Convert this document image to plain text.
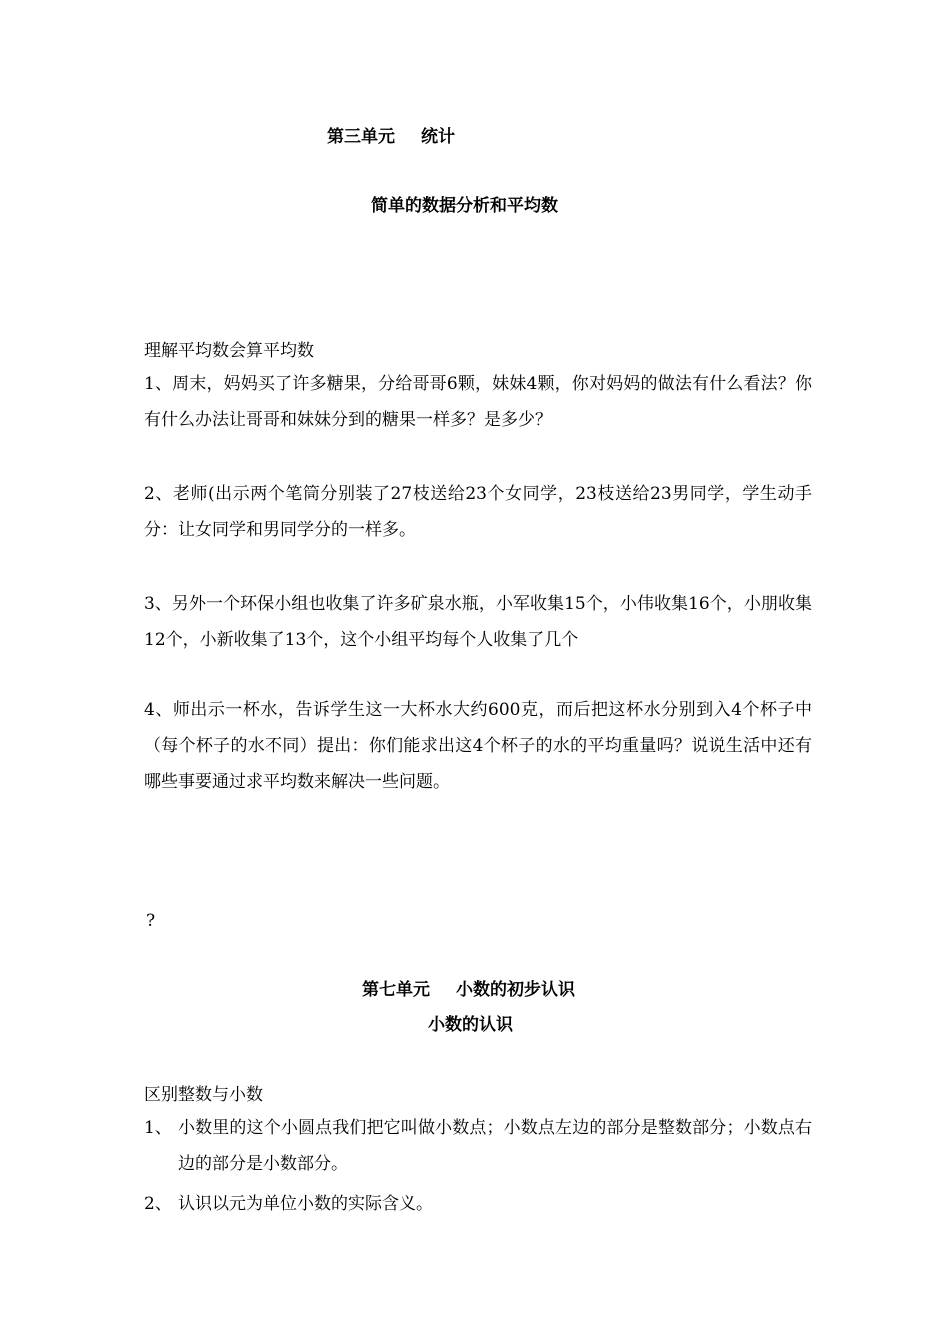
第三单元 统计
简单的数据分析和平均数
理解平均数会算平均数
1、周末，妈妈买了许多糖果，分给哥哥6颗，妹妹4颗，你对妈妈的做法有什么看法？你有什么办法让哥哥和妹妹分到的糖果一样多？是多少？
2、老师(出示两个笔筒分别装了27枝送给23个女同学，23枝送给23男同学，学生动手分：让女同学和男同学分的一样多。
3、另外一个环保小组也收集了许多矿泉水瓶，小军收集15个，小伟收集16个，小朋收集12个，小新收集了13个，这个小组平均每个人收集了几个
4、师出示一杯水，告诉学生这一大杯水大约600克，而后把这杯水分别到入4个杯子中（每个杯子的水不同）提出：你们能求出这4个杯子的水的平均重量吗？说说生活中还有哪些事要通过求平均数来解决一些问题。
?
第七单元 小数的初步认识
小数的认识
区别整数与小数
1、 小数里的这个小圆点我们把它叫做小数点；小数点左边的部分是整数部分；小数点右边的部分是小数部分。
2、 认识以元为单位小数的实际含义。
